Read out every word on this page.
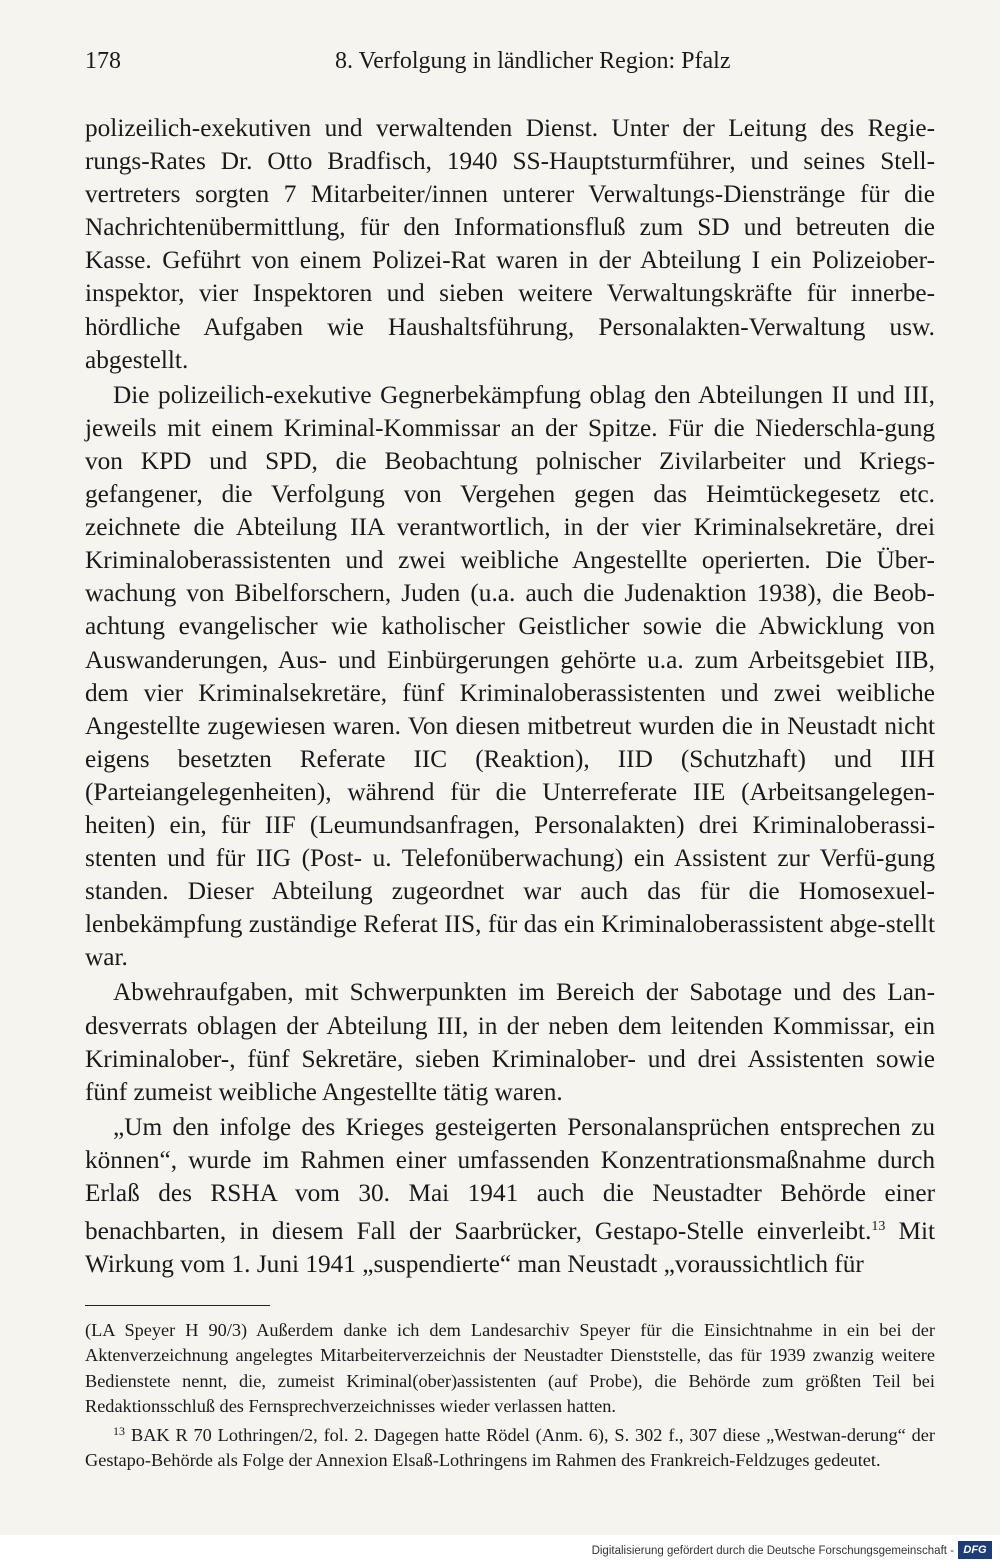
178	8. Verfolgung in ländlicher Region: Pfalz

polizeilich-exekutiven und verwaltenden Dienst. Unter der Leitung des Regie-rungs-Rates Dr. Otto Bradfisch, 1940 SS-Hauptsturmführer, und seines Stell-vertreters sorgten 7 Mitarbeiter/innen unterer Verwaltungs-Dienstränge für die Nachrichtenübermittlung, für den Informationsfluß zum SD und betreuten die Kasse. Geführt von einem Polizei-Rat waren in der Abteilung I ein Polizeiober-inspektor, vier Inspektoren und sieben weitere Verwaltungskräfte für innerbe-hördliche Aufgaben wie Haushaltsführung, Personalakten-Verwaltung usw. abgestellt.

Die polizeilich-exekutive Gegnerbekämpfung oblag den Abteilungen II und III, jeweils mit einem Kriminal-Kommissar an der Spitze. Für die Niederschla-gung von KPD und SPD, die Beobachtung polnischer Zivilarbeiter und Kriegs-gefangener, die Verfolgung von Vergehen gegen das Heimtückegesetz etc. zeichnete die Abteilung IIA verantwortlich, in der vier Kriminalsekretäre, drei Kriminaloberassistenten und zwei weibliche Angestellte operierten. Die Über-wachung von Bibelforschern, Juden (u.a. auch die Judenaktion 1938), die Beob-achtung evangelischer wie katholischer Geistlicher sowie die Abwicklung von Auswanderungen, Aus- und Einbürgerungen gehörte u.a. zum Arbeitsgebiet IIB, dem vier Kriminalsekretäre, fünf Kriminaloberassistenten und zwei weibliche Angestellte zugewiesen waren. Von diesen mitbetreut wurden die in Neustadt nicht eigens besetzten Referate IIC (Reaktion), IID (Schutzhaft) und IIH (Parteiangelegenheiten), während für die Unterreferate IIE (Arbeitsangelegen-heiten) ein, für IIF (Leumundsanfragen, Personalakten) drei Kriminaloberassi-stenten und für IIG (Post- u. Telefonüberwachung) ein Assistent zur Verfü-gung standen. Dieser Abteilung zugeordnet war auch das für die Homosexuel-lenbekämpfung zuständige Referat IIS, für das ein Kriminaloberassistent abge-stellt war.

Abwehraufgaben, mit Schwerpunkten im Bereich der Sabotage und des Lan-desverrats oblagen der Abteilung III, in der neben dem leitenden Kommissar, ein Kriminalober-, fünf Sekretäre, sieben Kriminalober- und drei Assistenten sowie fünf zumeist weibliche Angestellte tätig waren.

„Um den infolge des Krieges gesteigerten Personalansprüchen entsprechen zu können“, wurde im Rahmen einer umfassenden Konzentrationsmaßnahme durch Erlaß des RSHA vom 30. Mai 1941 auch die Neustadter Behörde einer benachbarten, in diesem Fall der Saarbrücker, Gestapo-Stelle einverleibt.$^{13}$ Mit Wirkung vom 1. Juni 1941 „suspendierte“ man Neustadt „voraussichtlich für

(LA Speyer H 90/3) Außerdem danke ich dem Landesarchiv Speyer für die Einsichtnahme in ein bei der Aktenverzeichnung angelegtes Mitarbeiterverzeichnis der Neustadter Dienststelle, das für 1939 zwanzig weitere Bedienstete nennt, die, zumeist Kriminal(ober)assistenten (auf Probe), die Behörde zum größten Teil bei Redaktionsschluß des Fernsprechverzeichnisses wieder verlassen hatten.

$^{13}$ BAK R 70 Lothringen/2, fol. 2. Dagegen hatte Rödel (Anm. 6), S. 302 f., 307 diese „Westwan-derung“ der Gestapo-Behörde als Folge der Annexion Elsaß-Lothringens im Rahmen des Frankreich-Feldzuges gedeutet.

Digitalisierung gefördert durch die Deutsche Forschungsgemeinschaft - DFG
